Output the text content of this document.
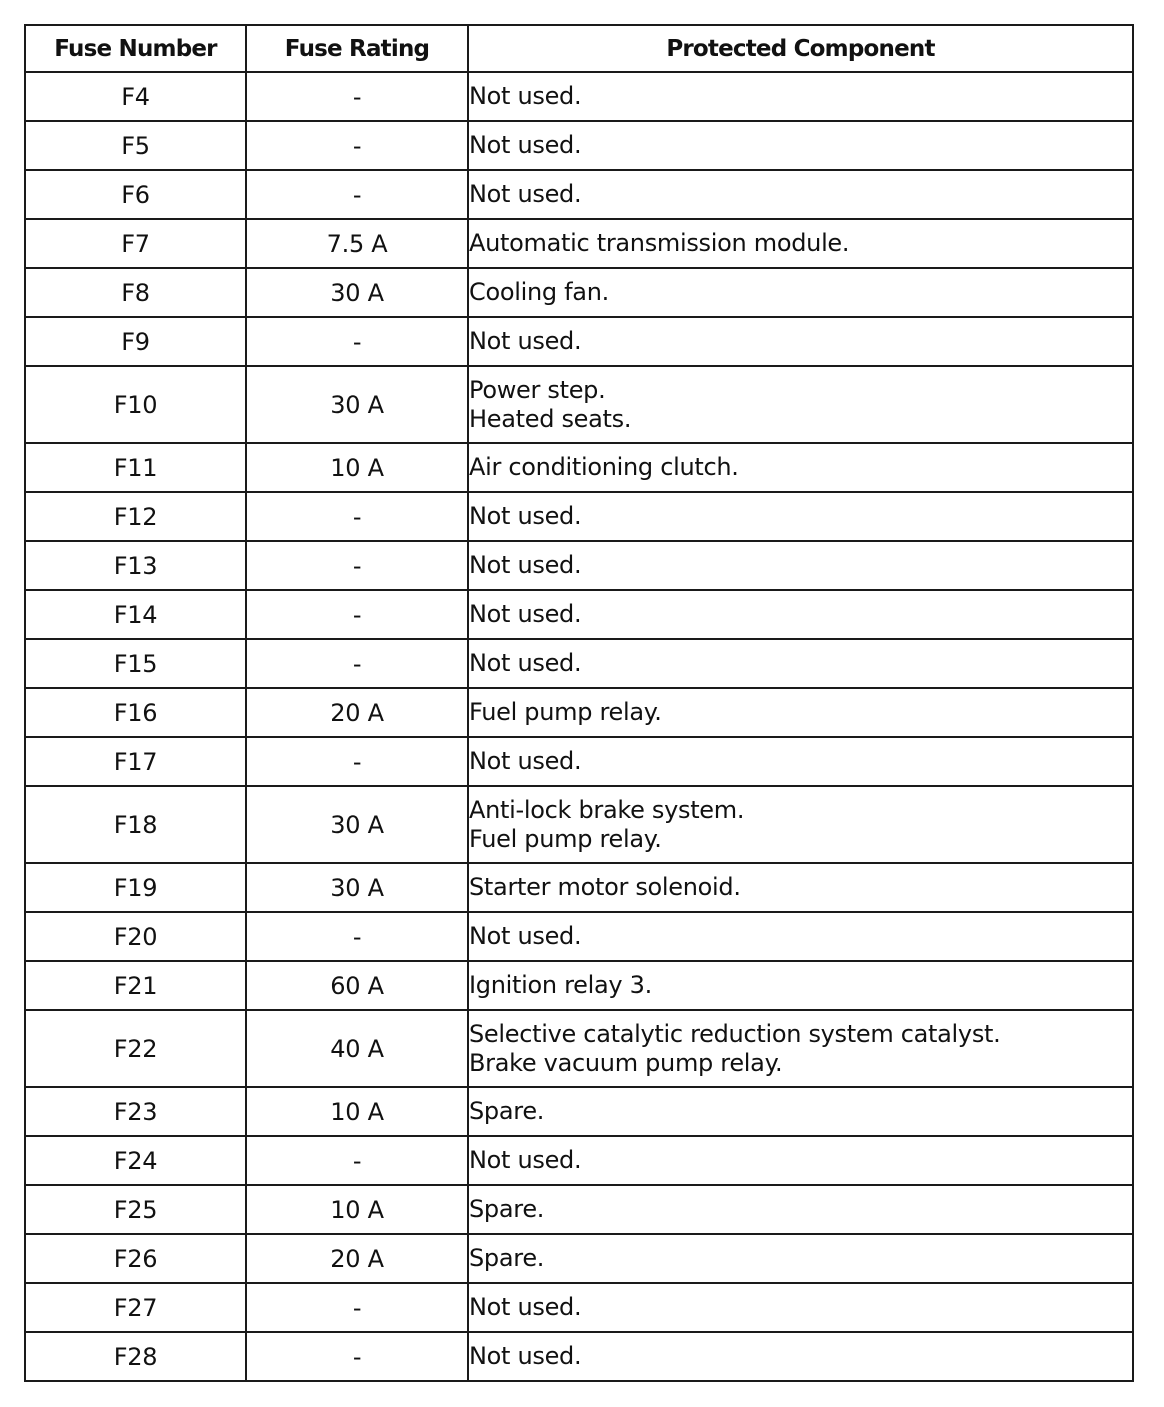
Fuse Number	Fuse Rating	Protected Component
F4	-	Not used.

F5	-	Not used.

F6	-	Not used.

F7	7.5 A	Automatic transmission module.

F8	30 A	Cooling fan.

F9	-	Not used.

F10	30 A	Power step.
Heated seats.

F11	10 A	Air conditioning clutch.

F12	-	Not used.

F13	-	Not used.

F14	-	Not used.

F15	-	Not used.

F16	20 A	Fuel pump relay.

F17	-	Not used.

F18	30 A	Anti-lock brake system.
Fuel pump relay.

F19	30 A	Starter motor solenoid.

F20	-	Not used.

F21	60 A	Ignition relay 3.

F22	40 A	Selective catalytic reduction system catalyst.
Brake vacuum pump relay.

F23	10 A	Spare.

F24	-	Not used.

F25	10 A	Spare.

F26	20 A	Spare.

F27	-	Not used.

F28	-	Not used.
